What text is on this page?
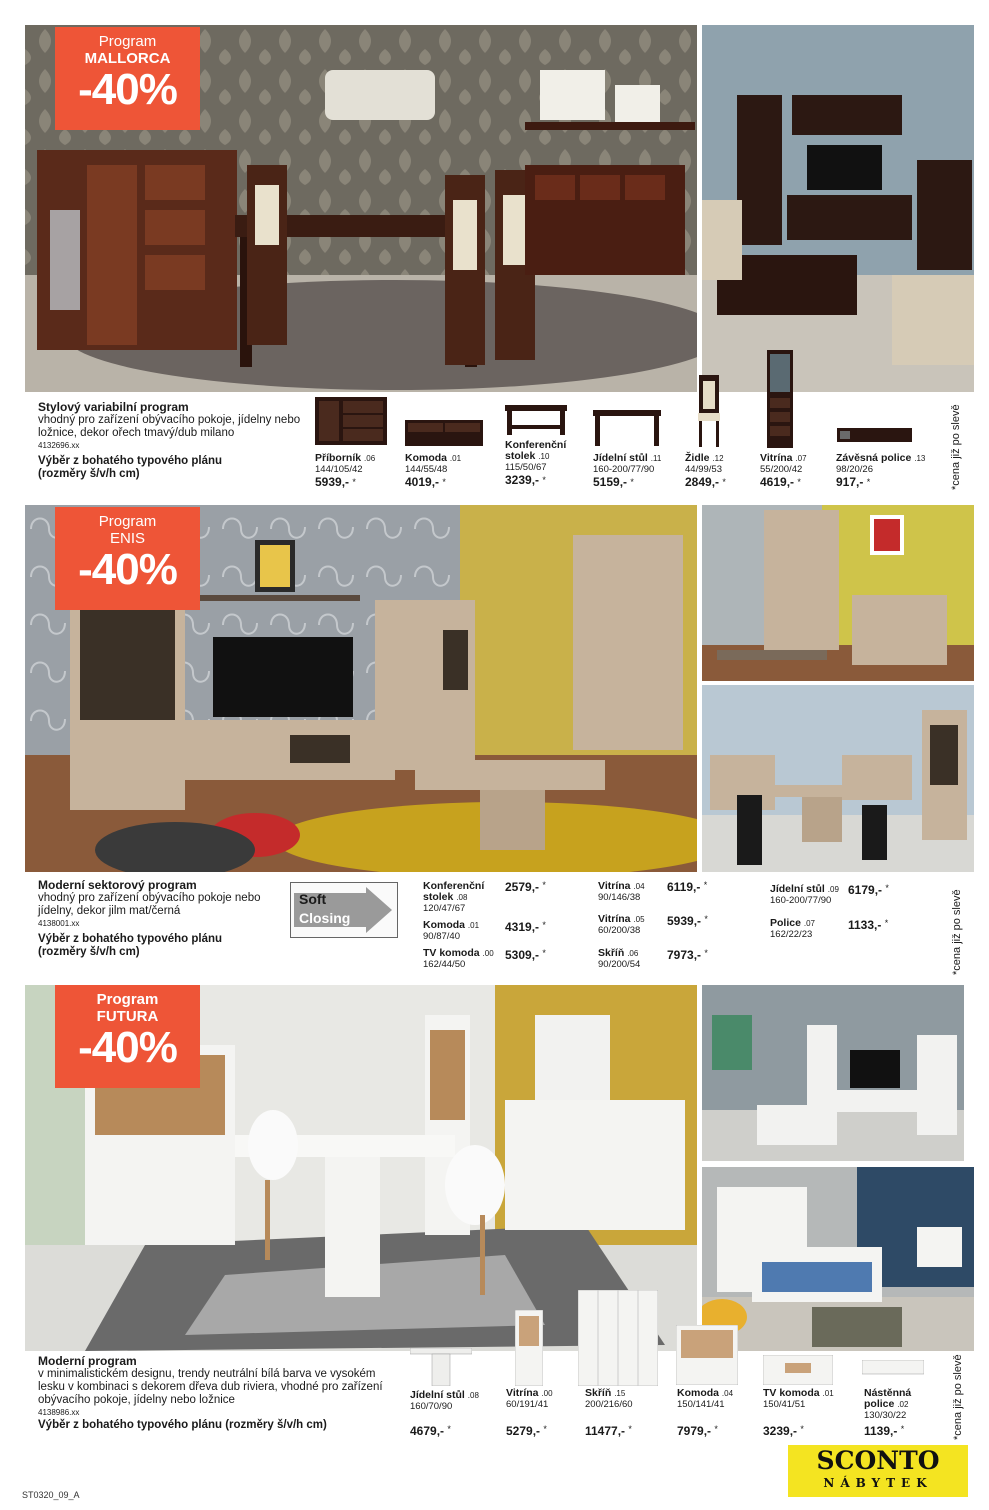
Program
MALLORCA
-40%
Stylový variabilní program
vhodný pro zařízení obývacího pokoje, jídelny nebo ložnice, dekor ořech tmavý/dub milano
4132696.xx
Výběr z bohatého typového plánu (rozměry š/v/h cm)
Příborník .06
144/105/42
5939,- *
Komoda .01
144/55/48
4019,- *
Konferenční stolek .10
115/50/67
3239,- *
Jídelní stůl .11
160-200/77/90
5159,- *
Židle .12
44/99/53
2849,- *
Vitrína .07
55/200/42
4619,- *
Závěsná police .13
98/20/26
917,- *	*cena již po slevě
Program
ENIS
-40%
Moderní sektorový program
vhodný pro zařízení obývacího pokoje nebo jídelny, dekor jilm mat/černá
4138001.xx
Výběr z bohatého typového plánu (rozměry š/v/h cm)
Soft
Closing
Konferenční stolek .08
120/47/67
2579,- *
Komoda .01
90/87/40
4319,- *
TV komoda .00
162/44/50
5309,- *
Vitrína .04
90/146/38
6119,- *
Vitrína .05
60/200/38
5939,- *
Skříň .06
90/200/54
7973,- *
Jídelní stůl .09
160-200/77/90
6179,- *
Police .07
162/22/23
1133,- *	*cena již po slevě
Program
FUTURA
-40%
Moderní program
v minimalistickém designu, trendy neutrální bílá barva ve vysokém lesku v kombinaci s dekorem dřeva dub riviera, vhodné pro zařízení obývacího pokoje, jídelny nebo ložnice
4138986.xx
Výběr z bohatého typového plánu (rozměry š/v/h cm)
Jídelní stůl .08
160/70/90
4679,- *
Vitrína .00
60/191/41
5279,- *
Skříň .15
200/216/60
11477,- *
Komoda .04
150/141/41
7979,- *
TV komoda .01
150/41/51
3239,- *
Nástěnná police .02
130/30/22
1139,- *	*cena již po slevě
ST0320_09_A
SCONTO
NÁBYTEK
